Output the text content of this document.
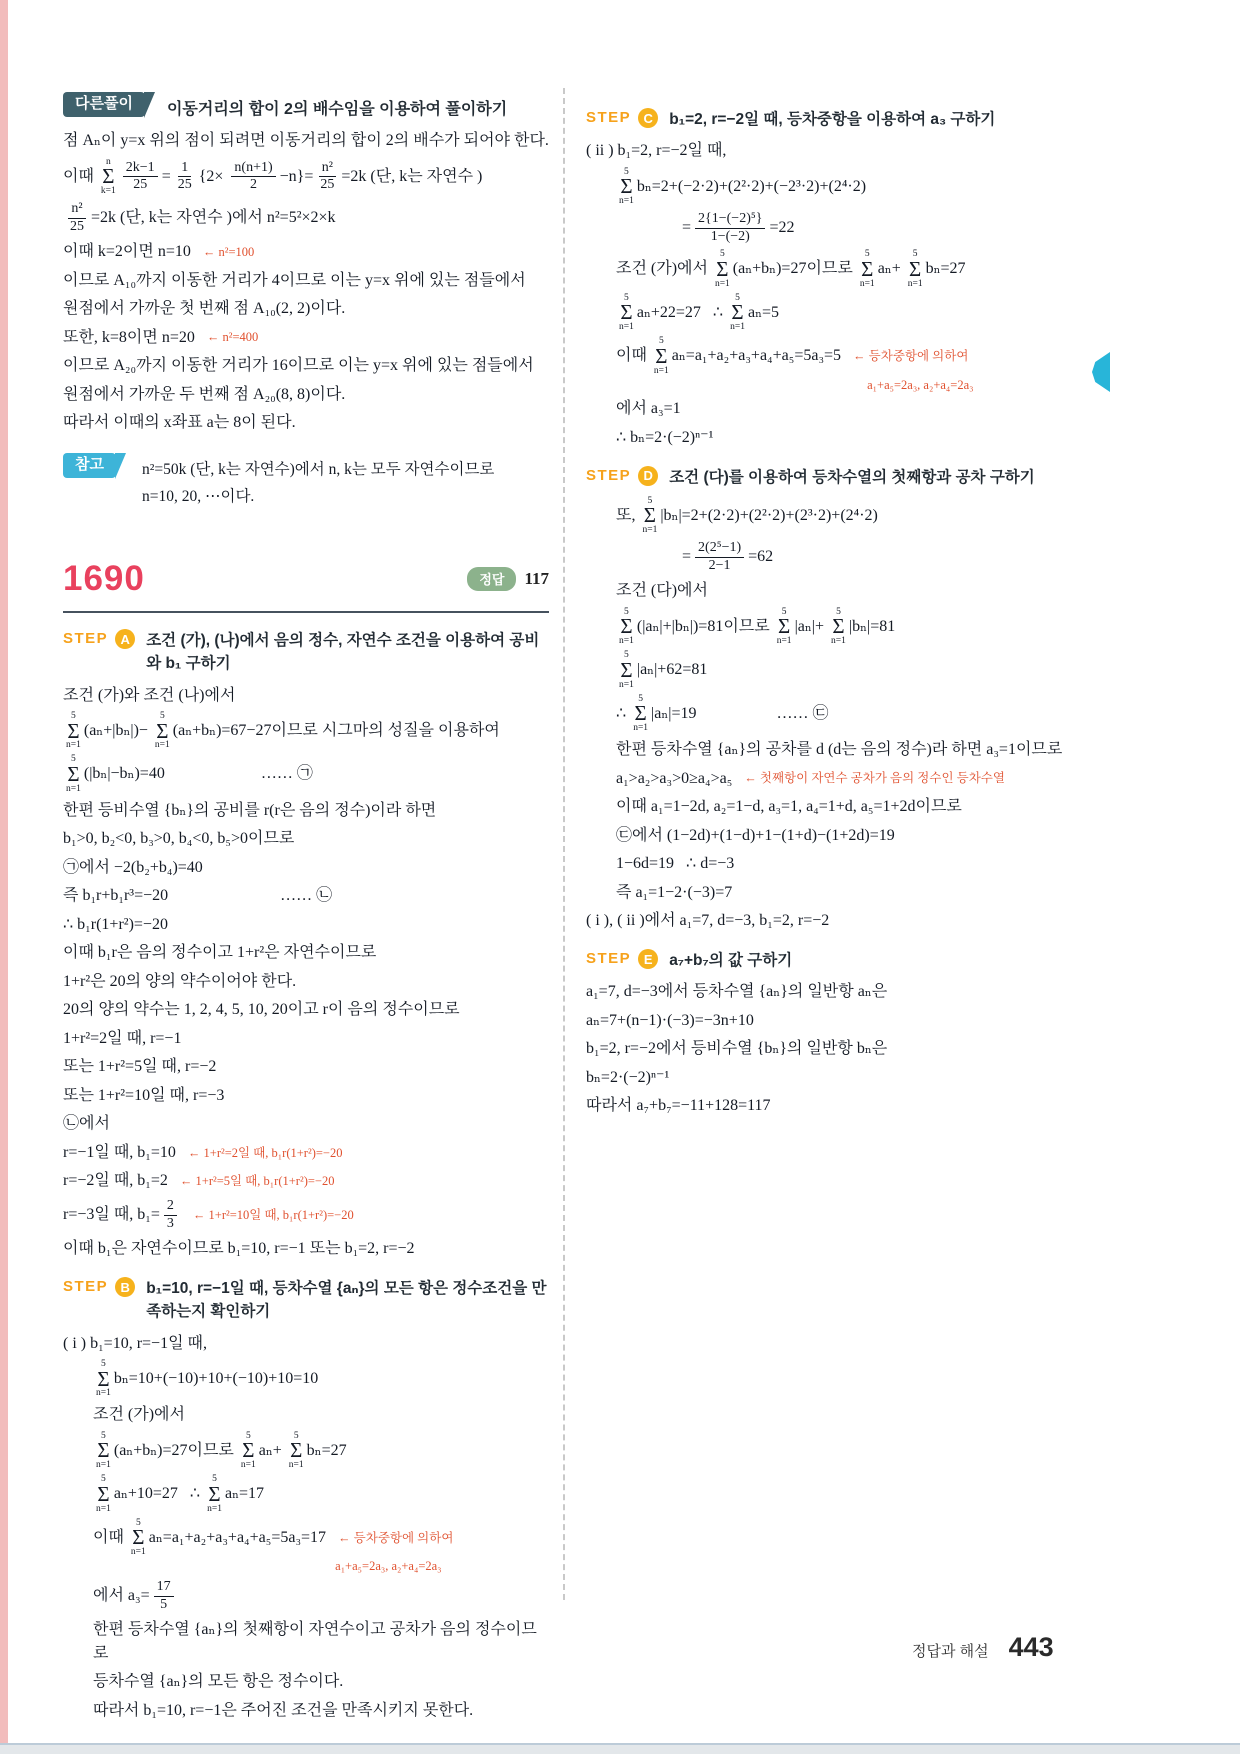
다른풀이	이동거리의 합이 2의 배수임을 이용하여 풀이하기
점 Aₙ이 y=x 위의 점이 되려면 이동거리의 합이 2의 배수가 되어야 한다.
이때
n
Σ
$k=1 \frac{2k-1}{25} = \frac{1}{25} \{2\times \frac{n(n+1)}{2} -n\}= \frac{\text{n²}}{25} =2k$ (단, k는 자연수 )
$\frac{\text{n²}}{25} =2k$ (단, k는 자연수 )에서 n²=5²×2×k
이때 k=2이면 n=10 ← n²=100
이므로 A₁₀까지 이동한 거리가 4이므로 이는 y=x 위에 있는 점들에서
원점에서 가까운 첫 번째 점 A₁₀(2, 2)이다.
또한, k=8이면 n=20 ← n²=400
이므로 A₂₀까지 이동한 거리가 16이므로 이는 y=x 위에 있는 점들에서
원점에서 가까운 두 번째 점 A₂₀(8, 8)이다.
따라서 이때의 x좌표 a는 8이 된다.
참고	n²=50k (단, k는 자연수)에서 n, k는 모두 자연수이므로
n=10, 20, ⋯이다.
1690	정답	117
STEP A	조건 (가), (나)에서 음의 정수, 자연수 조건을 이용하여 공비와 b₁ 구하기
조건 (가)와 조건 (나)에서
5
Σ
n=1
(aₙ+|bₙ|)−
5
Σ
n=1
(aₙ+bₙ)=67−27이므로 시그마의 성질을 이용하여
5
Σ
n=1
(|bₙ|−bₙ)=40      …… ㉠
한편 등비수열 {bₙ}의 공비를 r(r은 음의 정수)이라 하면
b₁>0, b₂<0, b₃>0, b₄<0, b₅>0이므로
㉠에서 −2(b₂+b₄)=40
즉 b₁r+b₁r³=−20       …… ㉡
∴ b₁r(1+r²)=−20
이때 b₁r은 음의 정수이고 1+r²은 자연수이므로
1+r²은 20의 양의 약수이어야 한다.
20의 양의 약수는 1, 2, 4, 5, 10, 20이고 r이 음의 정수이므로
1+r²=2일 때, r=−1
또는 1+r²=5일 때, r=−2
또는 1+r²=10일 때, r=−3
㉡에서
r=−1일 때, b₁=10 ← 1+r²=2일 때, b₁r(1+r²)=−20
r=−2일 때, b₁=2 ← 1+r²=5일 때, b₁r(1+r²)=−20
r=−3일 때, $b_1= \frac{2}{3}$ ← 1+r²=10일 때, b₁r(1+r²)=−20
이때 b₁은 자연수이므로 b₁=10, r=−1 또는 b₁=2, r=−2
STEP B	b₁=10, r=−1일 때, 등차수열 {aₙ}의 모든 항은 정수조건을 만족하는지 확인하기
( i ) b₁=10, r=−1일 때,
5
Σ
n=1
bₙ=10+(−10)+10+(−10)+10=10
조건 (가)에서
5
Σ
n=1
(aₙ+bₙ)=27이므로
5
Σ
n=1
aₙ+
5
Σ
n=1
bₙ=27
5
Σ
n=1
aₙ+10=27  ∴
5
Σ
n=1
aₙ=17
이때
5
Σ
n=1
aₙ=a₁+a₂+a₃+a₄+a₅=5a₃=17 ← 등차중항에 의하여
a₁+a₅=2a₃, a₂+a₄=2a₃
에서 $a_3= \frac{17}{5}$
한편 등차수열 {aₙ}의 첫째항이 자연수이고 공차가 음의 정수이므로
등차수열 {aₙ}의 모든 항은 정수이다.
따라서 b₁=10, r=−1은 주어진 조건을 만족시키지 못한다.
STEP C	b₁=2, r=−2일 때, 등차중항을 이용하여 a₃ 구하기
( ii ) b₁=2, r=−2일 때,
5
Σ
n=1
bₙ=2+(−2·2)+(2²·2)+(−2³·2)+(2⁴·2)
= $\frac{\text{2\{1−(−2)⁵\}}}{1-(-2)} =22$
조건 (가)에서
5
Σ
n=1
(aₙ+bₙ)=27이므로
5
Σ
n=1
aₙ+
5
Σ
n=1
bₙ=27
5
Σ
n=1
aₙ+22=27  ∴
5
Σ
n=1
aₙ=5
이때
5
Σ
n=1
aₙ=a₁+a₂+a₃+a₄+a₅=5a₃=5 ← 등차중항에 의하여
a₁+a₅=2a₃, a₂+a₄=2a₃
에서 a₃=1
∴ bₙ=2·(−2)ⁿ⁻¹
STEP D	조건 (다)를 이용하여 등차수열의 첫째항과 공차 구하기
또,
5
Σ
n=1
|bₙ|=2+(2·2)+(2²·2)+(2³·2)+(2⁴·2)
= $\frac{\text{2(2⁵−1)}}{2-1} =62$
조건 (다)에서
5
Σ
n=1
(|aₙ|+|bₙ|)=81이므로
5
Σ
n=1
|aₙ|+
5
Σ
n=1
|bₙ|=81
5
Σ
n=1
|aₙ|+62=81
∴
5
Σ
n=1
|aₙ|=19     …… ㉢
한편 등차수열 {aₙ}의 공차를 d (d는 음의 정수)라 하면 a₃=1이므로
a₁>a₂>a₃>0≥a₄>a₅ ← 첫째항이 자연수 공차가 음의 정수인 등차수열
이때 a₁=1−2d, a₂=1−d, a₃=1, a₄=1+d, a₅=1+2d이므로
㉢에서 (1−2d)+(1−d)+1−(1+d)−(1+2d)=19
1−6d=19  ∴ d=−3
즉 a₁=1−2·(−3)=7
( i ), ( ii )에서 a₁=7, d=−3, b₁=2, r=−2
STEP E	a₇+b₇의 값 구하기
a₁=7, d=−3에서 등차수열 {aₙ}의 일반항 aₙ은
aₙ=7+(n−1)·(−3)=−3n+10
b₁=2, r=−2에서 등비수열 {bₙ}의 일반항 bₙ은
bₙ=2·(−2)ⁿ⁻¹
따라서 a₇+b₇=−11+128=117
정답과 해설 443
